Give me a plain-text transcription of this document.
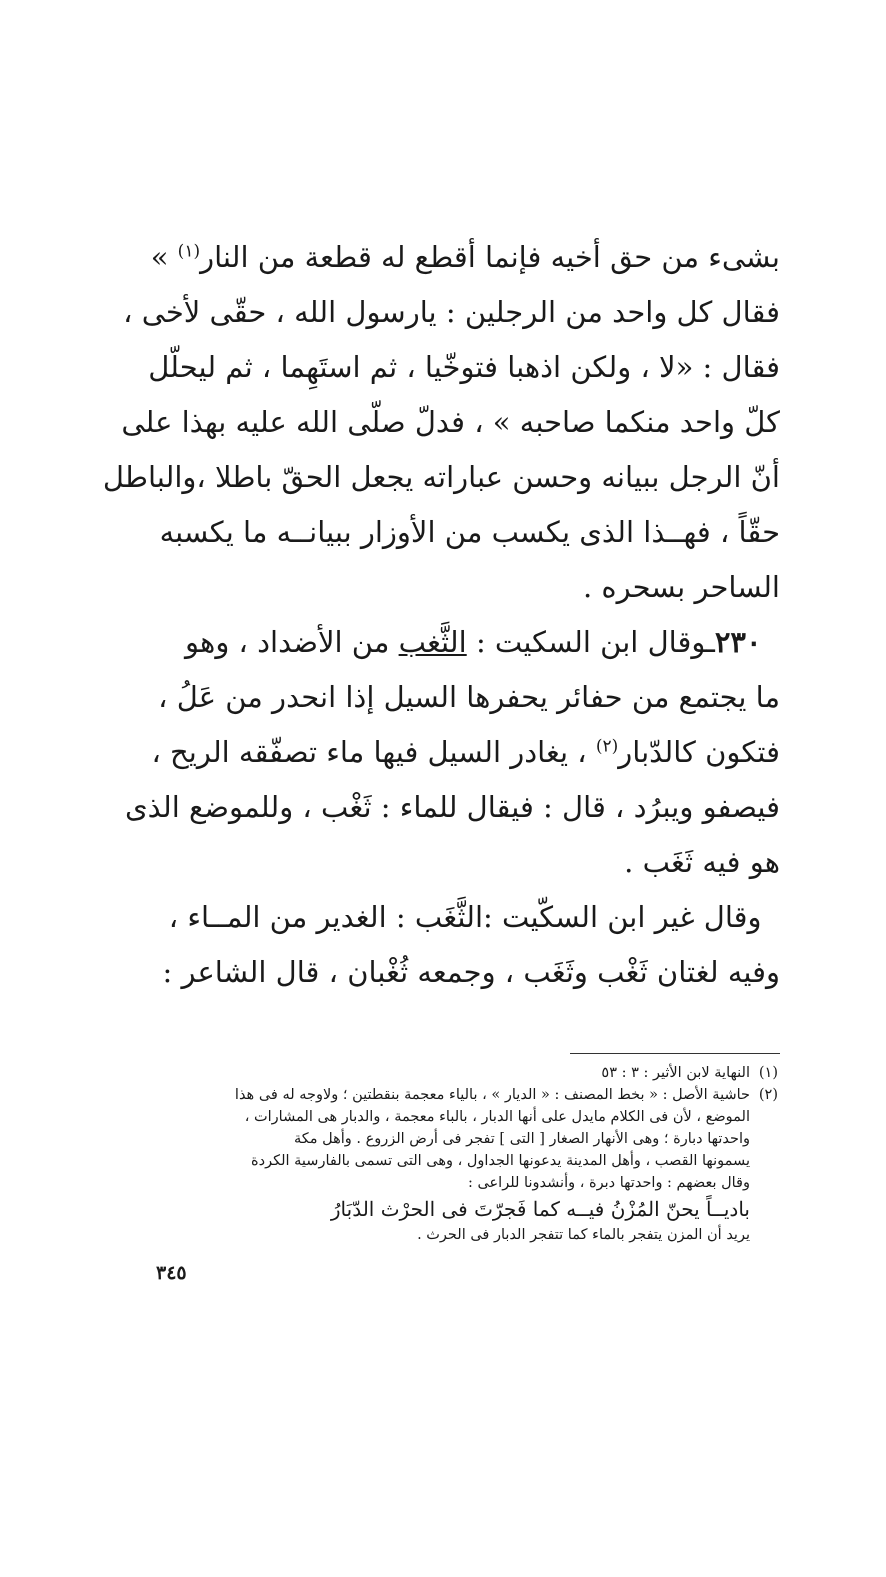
بشىء من حق أخيه فإنما أقطع له قطعة من النار$^{(١)}$ »
فقال كل واحد من الرجلين : يارسول الله ، حقّى لأخى ،
فقال : «لا ، ولكن اذهبا فتوخّيا ، ثم استَهِما ، ثم ليحلّل
كلّ واحد منكما صاحبه » ، فدلّ صلّى الله عليه بهذا على
أنّ الرجل ببيانه وحسن عباراته يجعل الحقّ باطلا ،والباطل
حقّاً ، فهــذا الذى يكسب من الأوزار ببيانــه ما يكسبه
الساحر بسحره .
٢٣٠ـوقال ابن السكيت : الثَّغب من الأضداد ، وهو
ما يجتمع من حفائر يحفرها السيل إذا انحدر من عَلُ ،
فتكون كالدّبار$^{(٢)}$ ، يغادر السيل فيها ماء تصفّقه الريح ،
فيصفو ويبرُد ، قال : فيقال للماء : ثَغْب ، وللموضع الذى
هو فيه ثَغَب .
وقال غير ابن السكّيت :الثَّغَب : الغدير من المــاء ،
وفيه لغتان ثَغْب وثَغَب ، وجمعه ثُغْبان ، قال الشاعر :
(١)
النهاية لابن الأثير : ٣ : ٥٣
(٢)
حاشية الأصل : « بخط المصنف : « الديار » ، بالياء معجمة بنقطتين ؛ ولاوجه له فى هذا
الموضع ، لأن فى الكلام مايدل على أنها الدبار ، بالباء معجمة ، والدبار هى المشارات ،
واحدتها دبارة ؛ وهى الأنهار الصغار [ التى ] تفجر فى أرض الزروع . وأهل مكة
يسمونها القصب ، وأهل المدينة يدعونها الجداول ، وهى التى تسمى بالفارسية الكردة
وقال بعضهم : واحدتها دبرة ، وأنشدونا للراعى :
باديــاً يحنّ المُزْنُ فيــه كما فَجرّتَ فى الحرْث الدّبَارُ
يريد أن المزن يتفجر بالماء كما تتفجر الدبار فى الحرث .
٣٤٥
